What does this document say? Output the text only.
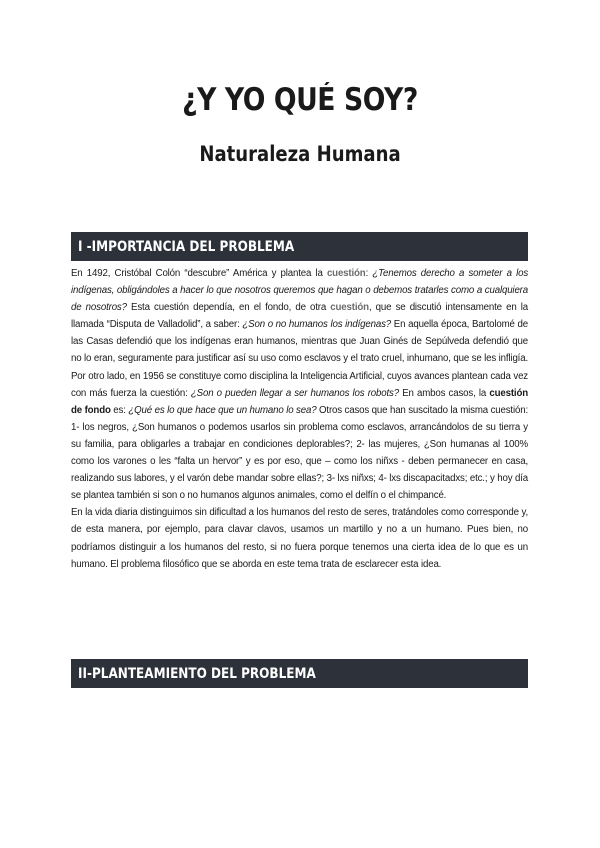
¿Y YO QUÉ SOY?
Naturaleza Humana
I -IMPORTANCIA DEL PROBLEMA

En 1492, Cristóbal Colón “descubre” América y plantea la cuestión: ¿Tenemos derecho a someter a los indígenas, obligándoles a hacer lo que nosotros queremos que hagan o debemos tratarles como a cualquiera de nosotros? Esta cuestión dependía, en el fondo, de otra cuestión, que se discutió intensamente en la llamada “Disputa de Valladolid”, a saber: ¿Son o no humanos los indígenas? En aquella época, Bartolomé de las Casas defendió que los indígenas eran humanos, mientras que Juan Ginés de Sepúlveda defendió que no lo eran, seguramente para justificar así su uso como esclavos y el trato cruel, inhumano, que se les infligía. Por otro lado, en 1956 se constituye como disciplina la Inteligencia Artificial, cuyos avances plantean cada vez con más fuerza la cuestión: ¿Son o pueden llegar a ser humanos los robots? En ambos casos, la cuestión de fondo es: ¿Qué es lo que hace que un humano lo sea? Otros casos que han suscitado la misma cuestión: 1- los negros, ¿Son humanos o podemos usarlos sin problema como esclavos, arrancándolos de su tierra y su familia, para obligarles a trabajar en condiciones deplorables?; 2- las mujeres, ¿Son humanas al 100% como los varones o les “falta un hervor” y es por eso, que – como los niñxs - deben permanecer en casa, realizando sus labores, y el varón debe mandar sobre ellas?; 3- lxs niñxs; 4- lxs discapacitadxs; etc.; y hoy día se plantea también si son o no humanos algunos animales, como el delfín o el chimpancé.

En la vida diaria distinguimos sin dificultad a los humanos del resto de seres, tratándoles como corresponde y, de esta manera, por ejemplo, para clavar clavos, usamos un martillo y no a un humano. Pues bien, no podríamos distinguir a los humanos del resto, si no fuera porque tenemos una cierta idea de lo que es un humano. El problema filosófico que se aborda en este tema trata de esclarecer esta idea.

II-PLANTEAMIENTO DEL PROBLEMA
